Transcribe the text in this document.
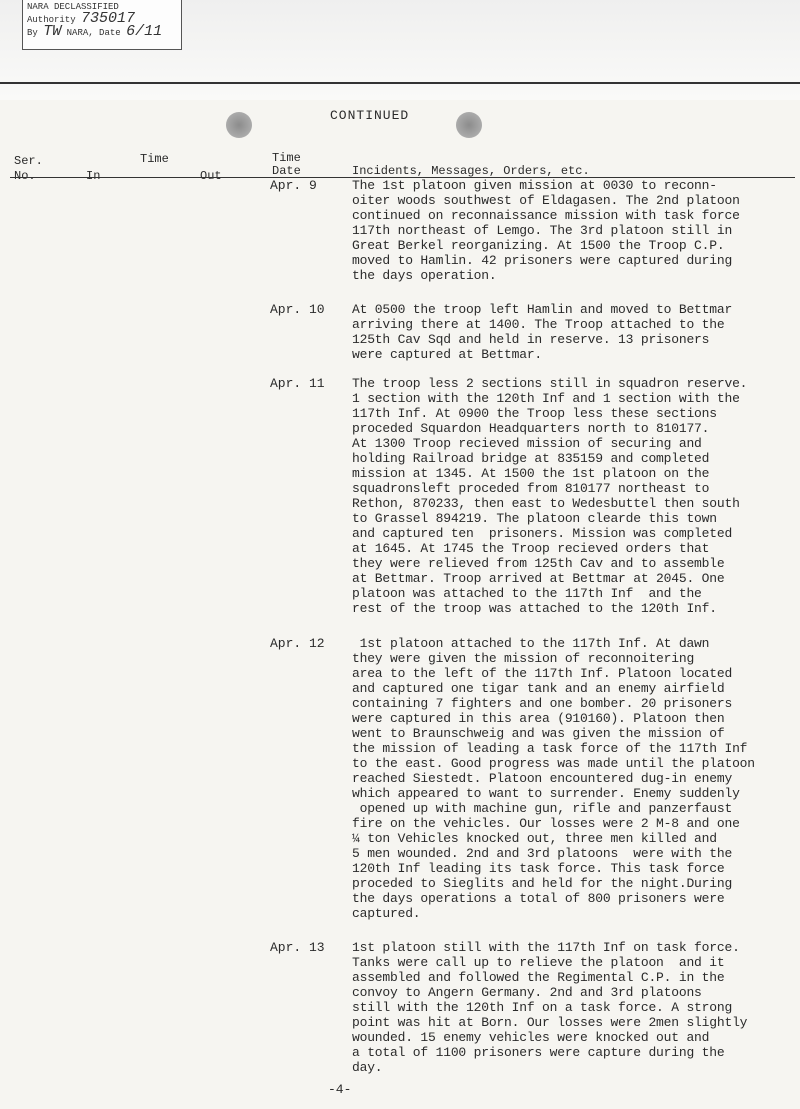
NARA DECLASSIFIED
Authority 735017
By TW NARA, Date 6/11
CONTINUED
Ser.
No.
Time
In	Out
Time
Date	Incidents, Messages, Orders, etc.
Apr. 9	The 1st platoon given mission at 0030 to reconn-
oiter woods southwest of Eldagasen. The 2nd platoon
continued on reconnaissance mission with task force
117th northeast of Lemgo. The 3rd platoon still in
Great Berkel reorganizing. At 1500 the Troop C.P.
moved to Hamlin. 42 prisoners were captured during
the days operation.
Apr. 10 At 0500 the troop left Hamlin and moved to Bettmar
arriving there at 1400. The Troop attached to the
125th Cav Sqd and held in reserve. 13 prisoners
were captured at Bettmar.
Apr. 11 The troop less 2 sections still in squadron reserve.
1 section with the 120th Inf and 1 section with the
117th Inf. At 0900 the Troop less these sections
proceded Squardon Headquarters north to 810177.
At 1300 Troop recieved mission of securing and
holding Railroad bridge at 835159 and completed
mission at 1345. At 1500 the 1st platoon on the
squadronsleft proceded from 810177 northeast to
Rethon, 870233, then east to Wedesbuttel then south
to Grassel 894219. The platoon clearde this town
and captured ten  prisoners. Mission was completed
at 1645. At 1745 the Troop recieved orders that
they were relieved from 125th Cav and to assemble
at Bettmar. Troop arrived at Bettmar at 2045. One
platoon was attached to the 117th Inf  and the
rest of the troop was attached to the 120th Inf.
Apr. 12	1st platoon attached to the 117th Inf. At dawn
they were given the mission of reconnoitering
area to the left of the 117th Inf. Platoon located
and captured one tigar tank and an enemy airfield
containing 7 fighters and one bomber. 20 prisoners
were captured in this area (910160). Platoon then
went to Braunschweig and was given the mission of
the mission of leading a task force of the 117th Inf
to the east. Good progress was made until the platoon
reached Siestedt. Platoon encountered dug-in enemy
which appeared to want to surrender. Enemy suddenly
opened up with machine gun, rifle and panzerfaust
fire on the vehicles. Our losses were 2 M-8 and one
¼ ton Vehicles knocked out, three men killed and
5 men wounded. 2nd and 3rd platoons  were with the
120th Inf leading its task force. This task force
proceded to Sieglits and held for the night.During
the days operations a total of 800 prisoners were
captured.
Apr. 13 1st platoon still with the 117th Inf on task force.
Tanks were call up to relieve the platoon  and it
assembled and followed the Regimental C.P. in the
convoy to Angern Germany. 2nd and 3rd platoons
still with the 120th Inf on a task force. A strong
point was hit at Born. Our losses were 2men slightly
wounded. 15 enemy vehicles were knocked out and
a total of 1100 prisoners were capture during the
day.
-4-
